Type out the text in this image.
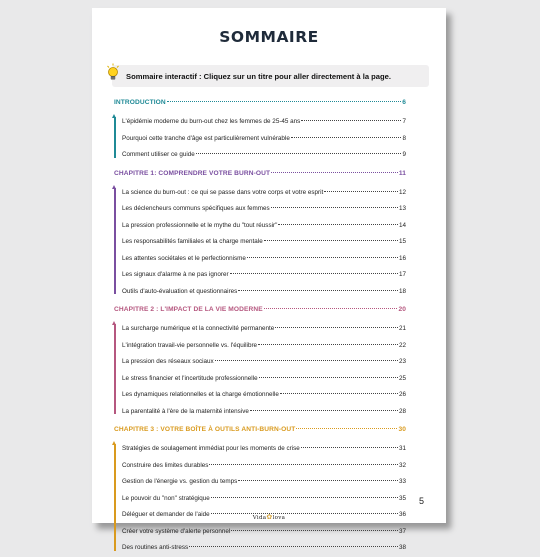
SOMMAIRE
Sommaire interactif : Cliquez sur un titre pour aller directement à la page.
INTRODUCTION	6
L'épidémie moderne du burn-out chez les femmes de 25-45 ans	7
Pourquoi cette tranche d'âge est particulièrement vulnérable	8
Comment utiliser ce guide	9
CHAPITRE 1: COMPRENDRE VOTRE BURN-OUT	11
La science du burn-out : ce qui se passe dans votre corps et votre esprit	12
Les déclencheurs communs spécifiques aux femmes	13
La pression professionnelle et le mythe du "tout réussir"	14
Les responsabilités familiales et la charge mentale	15
Les attentes sociétales et le perfectionnisme	16
Les signaux d'alarme à ne pas ignorer	17
Outils d'auto-évaluation et questionnaires	18
CHAPITRE 2 : L'IMPACT DE LA VIE MODERNE	20
La surcharge numérique et la connectivité permanente	21
L'intégration travail-vie personnelle vs. l'équilibre	22
La pression des réseaux sociaux	23
Le stress financier et l'incertitude professionnelle	25
Les dynamiques relationnelles et la charge émotionnelle	26
La parentalité à l'ère de la maternité intensive	28
CHAPITRE 3 : VOTRE BOÎTE À OUTILS ANTI-BURN-OUT	30
Stratégies de soulagement immédiat pour les moments de crise	31
Construire des limites durables	32
Gestion de l'énergie vs. gestion du temps	33
Le pouvoir du "non" stratégique	35
Déléguer et demander de l'aide	36
Créer votre système d'alerte personnel	37
Des routines anti-stress	38
5
Vida✿lova
